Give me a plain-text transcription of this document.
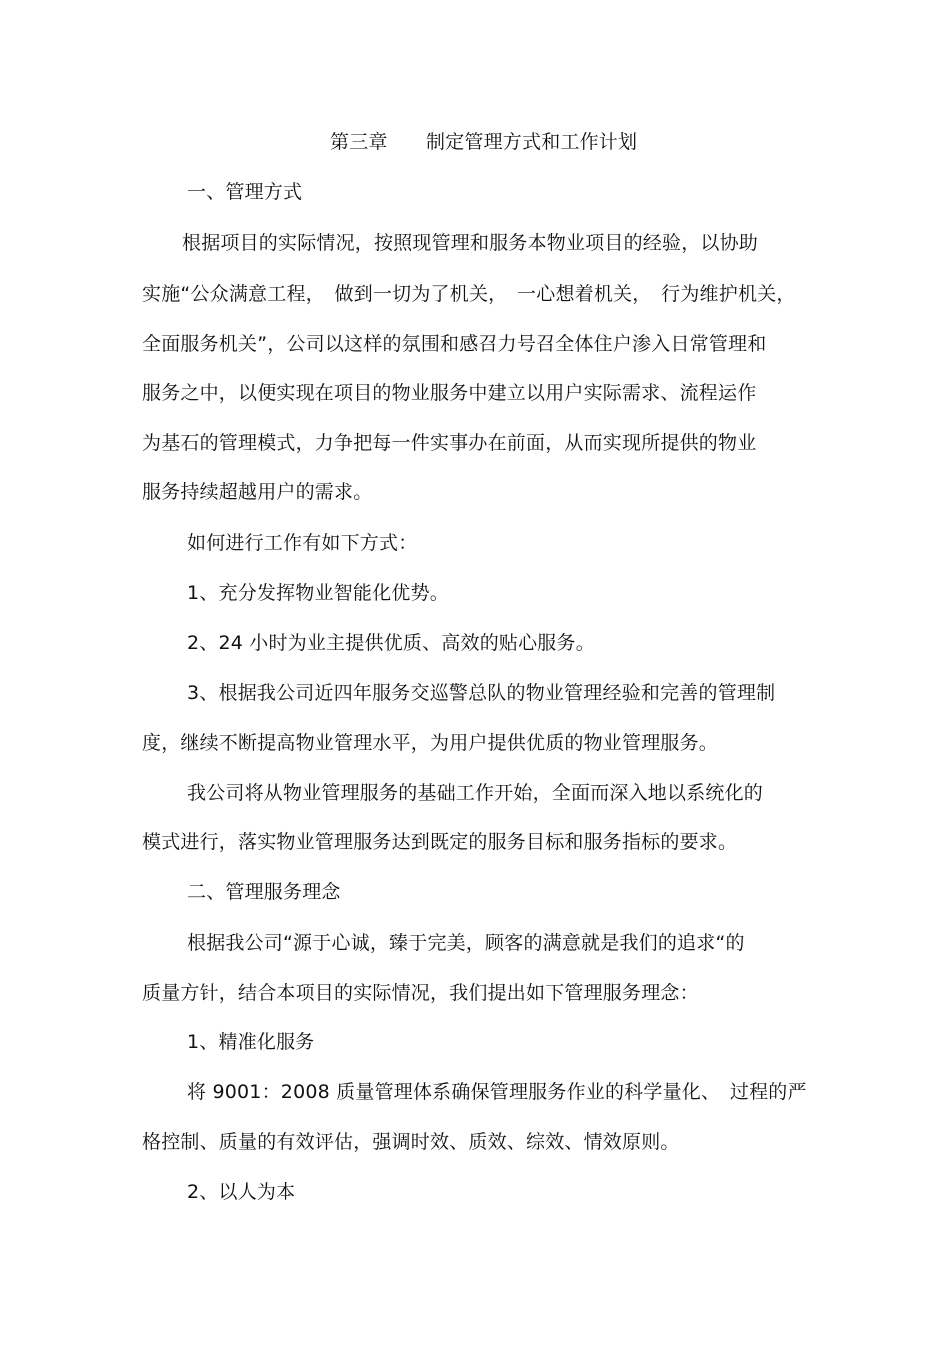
第三章　　制定管理方式和工作计划
一、管理方式
根据项目的实际情况，按照现管理和服务本物业项目的经验，以协助
实施“公众满意工程，　做到一切为了机关，　一心想着机关，　行为维护机关，
全面服务机关”，公司以这样的氛围和感召力号召全体住户渗入日常管理和
服务之中，以便实现在项目的物业服务中建立以用户实际需求、流程运作
为基石的管理模式，力争把每一件实事办在前面，从而实现所提供的物业
服务持续超越用户的需求。
如何进行工作有如下方式：
1、充分发挥物业智能化优势。
2、24 小时为业主提供优质、高效的贴心服务。
3、根据我公司近四年服务交巡警总队的物业管理经验和完善的管理制
度，继续不断提高物业管理水平，为用户提供优质的物业管理服务。
我公司将从物业管理服务的基础工作开始，全面而深入地以系统化的
模式进行，落实物业管理服务达到既定的服务目标和服务指标的要求。
二、管理服务理念
根据我公司“源于心诚，臻于完美，顾客的满意就是我们的追求“的
质量方针，结合本项目的实际情况，我们提出如下管理服务理念：
1、精准化服务
将 9001：2008 质量管理体系确保管理服务作业的科学量化、　过程的严
格控制、质量的有效评估，强调时效、质效、综效、情效原则。
2、以人为本
